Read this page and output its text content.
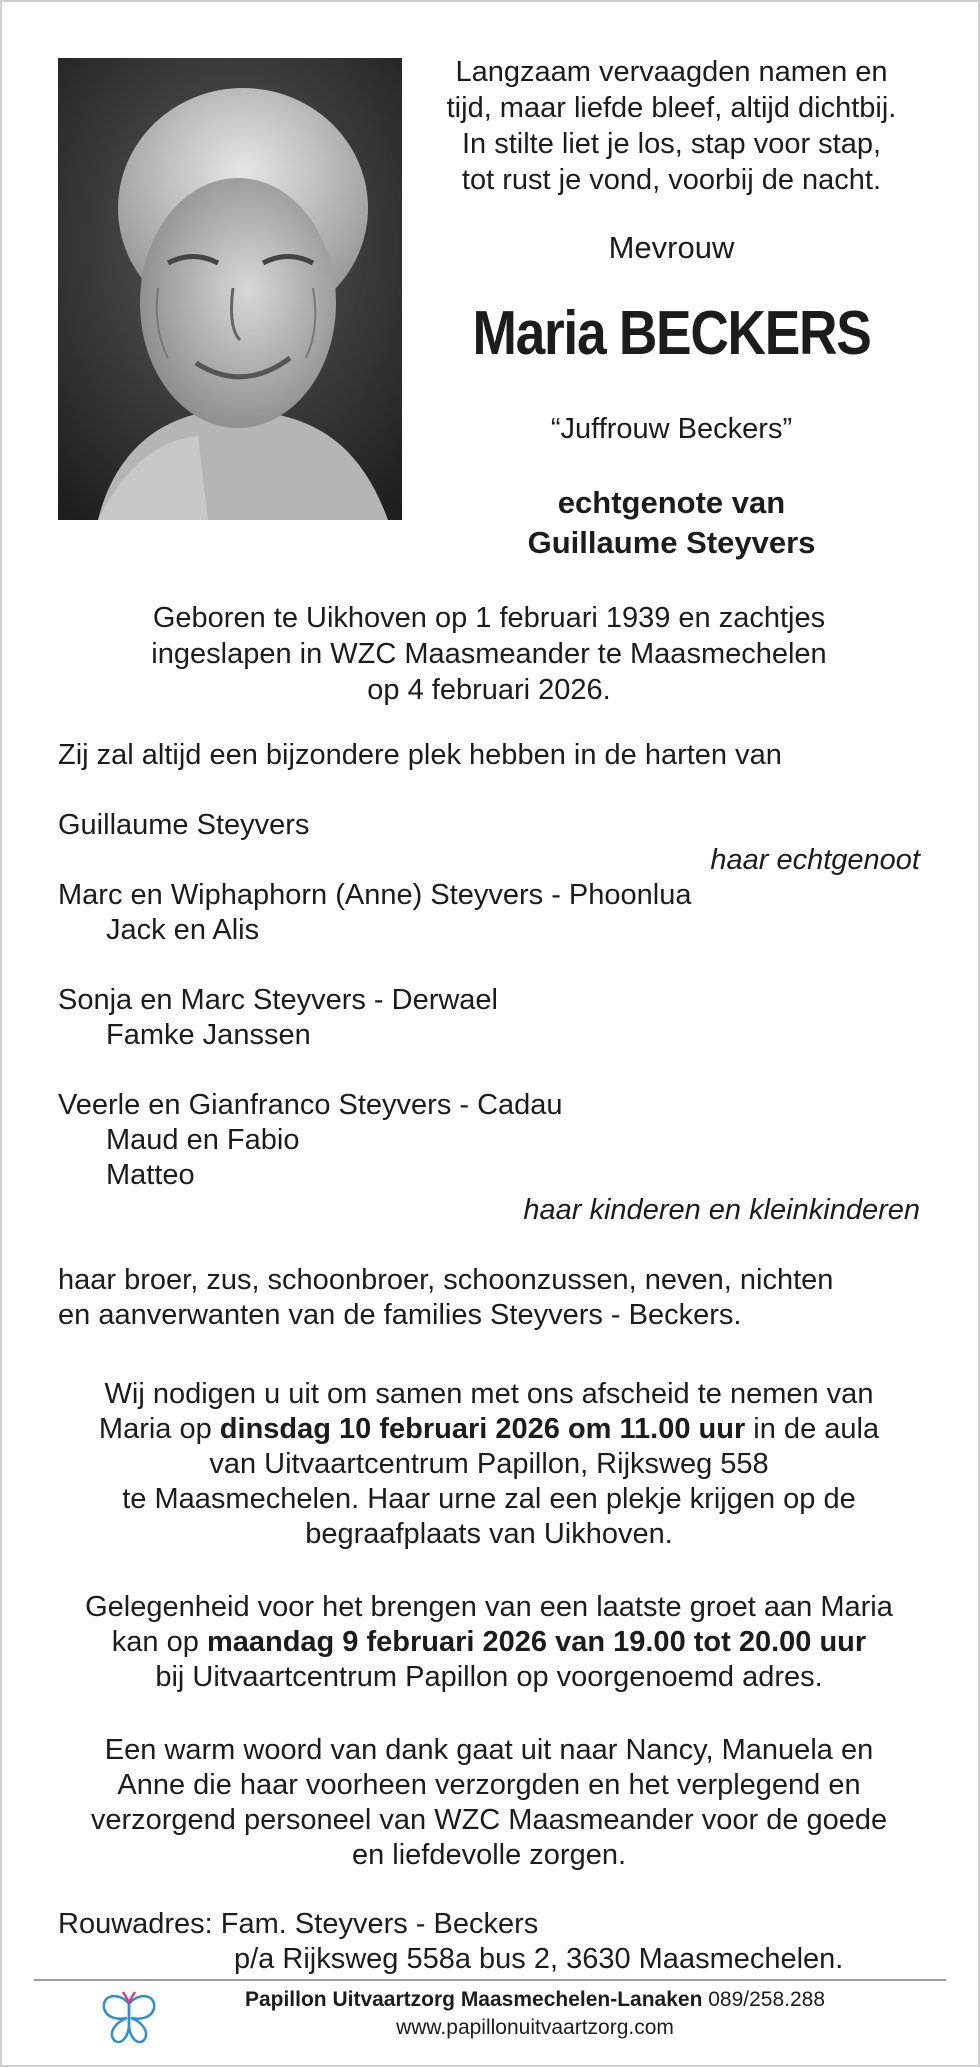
Langzaam vervaagden namen en
tijd, maar liefde bleef, altijd dichtbij.
In stilte liet je los, stap voor stap,
tot rust je vond, voorbij de nacht.
Mevrouw
Maria BECKERS
“Juffrouw Beckers”
echtgenote van
Guillaume Steyvers
Geboren te Uikhoven op 1 februari 1939 en zachtjes
ingeslapen in WZC Maasmeander te Maasmechelen
op 4 februari 2026.
Zij zal altijd een bijzondere plek hebben in de harten van
Guillaume Steyvers
haar echtgenoot
Marc en Wiphaphorn (Anne) Steyvers - Phoonlua
Jack en Alis
Sonja en Marc Steyvers - Derwael
Famke Janssen
Veerle en Gianfranco Steyvers - Cadau
Maud en Fabio
Matteo
haar kinderen en kleinkinderen
haar broer, zus, schoonbroer, schoonzussen, neven, nichten
en aanverwanten van de families Steyvers - Beckers.
Wij nodigen u uit om samen met ons afscheid te nemen van
Maria op dinsdag 10 februari 2026 om 11.00 uur in de aula
van Uitvaartcentrum Papillon, Rijksweg 558
te Maasmechelen. Haar urne zal een plekje krijgen op de
begraafplaats van Uikhoven.
Gelegenheid voor het brengen van een laatste groet aan Maria
kan op maandag 9 februari 2026 van 19.00 tot 20.00 uur
bij Uitvaartcentrum Papillon op voorgenoemd adres.
Een warm woord van dank gaat uit naar Nancy, Manuela en
Anne die haar voorheen verzorgden en het verplegend en
verzorgend personeel van WZC Maasmeander voor de goede
en liefdevolle zorgen.
Rouwadres: Fam. Steyvers - Beckers
p/a Rijksweg 558a bus 2, 3630 Maasmechelen.
Papillon Uitvaartzorg Maasmechelen-Lanaken 089/258.288
www.papillonuitvaartzorg.com
